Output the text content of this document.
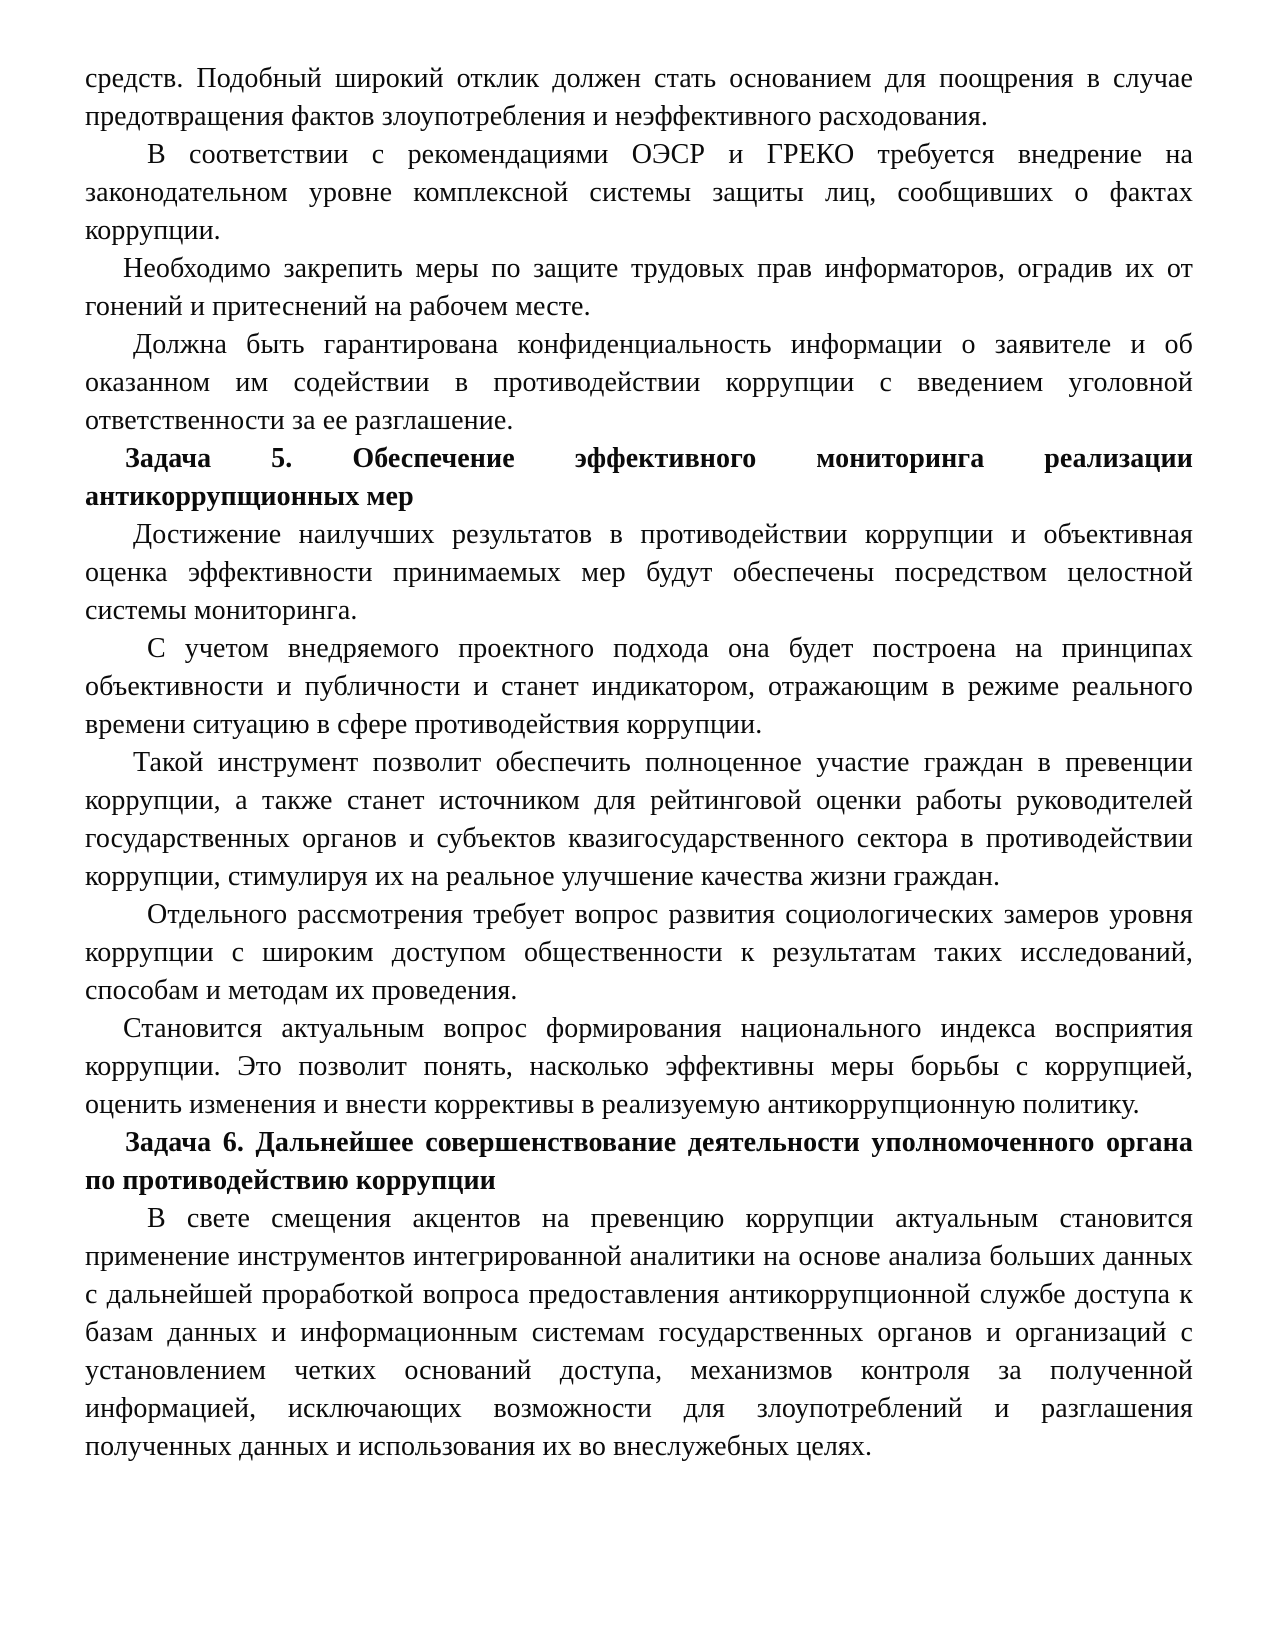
средств. Подобный широкий отклик должен стать основанием для поощрения в случае предотвращения фактов злоупотребления и неэффективного расходования.

В соответствии с рекомендациями ОЭСР и ГРЕКО требуется внедрение на законодательном уровне комплексной системы защиты лиц, сообщивших о фактах коррупции.

Необходимо закрепить меры по защите трудовых прав информаторов, оградив их от гонений и притеснений на рабочем месте.

Должна быть гарантирована конфиденциальность информации о заявителе и об оказанном им содействии в противодействии коррупции с введением уголовной ответственности за ее разглашение.

Задача 5. Обеспечение эффективного мониторинга реализации антикоррупщионных мер

Достижение наилучших результатов в противодействии коррупции и объективная оценка эффективности принимаемых мер будут обеспечены посредством целостной системы мониторинга.

С учетом внедряемого проектного подхода она будет построена на принципах объективности и публичности и станет индикатором, отражающим в режиме реального времени ситуацию в сфере противодействия коррупции.

Такой инструмент позволит обеспечить полноценное участие граждан в превенции коррупции, а также станет источником для рейтинговой оценки работы руководителей государственных органов и субъектов квазигосударственного сектора в противодействии коррупции, стимулируя их на реальное улучшение качества жизни граждан.

Отдельного рассмотрения требует вопрос развития социологических замеров уровня коррупции с широким доступом общественности к результатам таких исследований, способам и методам их проведения.

Становится актуальным вопрос формирования национального индекса восприятия коррупции. Это позволит понять, насколько эффективны меры борьбы с коррупцией, оценить изменения и внести коррективы в реализуемую антикоррупционную политику.

Задача 6. Дальнейшее совершенствование деятельности уполномоченного органа по противодействию коррупции

В свете смещения акцентов на превенцию коррупции актуальным становится применение инструментов интегрированной аналитики на основе анализа больших данных с дальнейшей проработкой вопроса предоставления антикоррупционной службе доступа к базам данных и информационным системам государственных органов и организаций с установлением четких оснований доступа, механизмов контроля за полученной информацией, исключающих возможности для злоупотреблений и разглашения полученных данных и использования их во внеслужебных целях.
